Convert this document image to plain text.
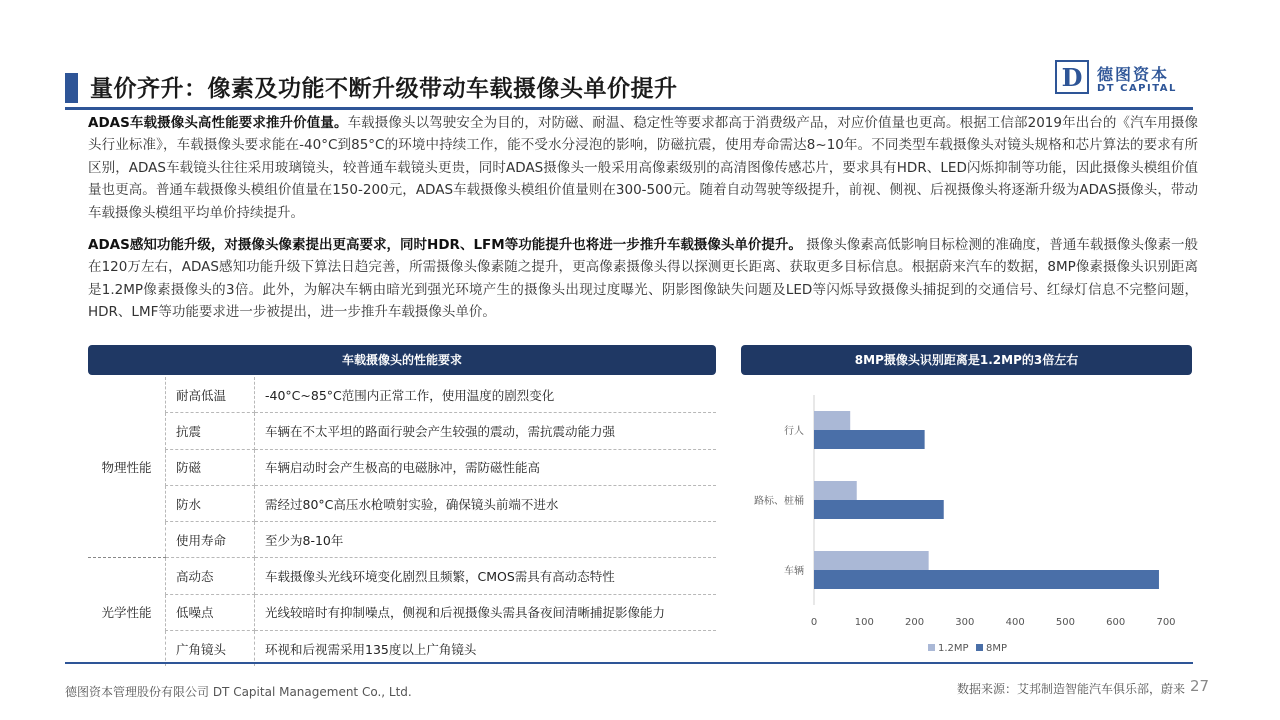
量价齐升：像素及功能不断升级带动车载摄像头单价提升	D 德图资本
DT CAPITAL
ADAS车载摄像头高性能要求推升价值量。车载摄像头以驾驶安全为目的，对防磁、耐温、稳定性等要求都高于消费级产品，对应价值量也更高。根据工信部2019年出台的《汽车用摄像头行业标准》，车载摄像头要求能在-40°C到85°C的环境中持续工作，能不受水分浸泡的影响，防磁抗震，使用寿命需达8~10年。不同类型车载摄像头对镜头规格和芯片算法的要求有所区别，ADAS车载镜头往往采用玻璃镜头，较普通车载镜头更贵，同时ADAS摄像头一般采用高像素级别的高清图像传感芯片，要求具有HDR、LED闪烁抑制等功能，因此摄像头模组价值量也更高。普通车载摄像头模组价值量在150-200元，ADAS车载摄像头模组价值量则在300-500元。随着自动驾驶等级提升，前视、侧视、后视摄像头将逐渐升级为ADAS摄像头，带动车载摄像头模组平均单价持续提升。
ADAS感知功能升级，对摄像头像素提出更高要求，同时HDR、LFM等功能提升也将进一步推升车载摄像头单价提升。 摄像头像素高低影响目标检测的准确度，普通车载摄像头像素一般在120万左右，ADAS感知功能升级下算法日趋完善，所需摄像头像素随之提升，更高像素摄像头得以探测更长距离、获取更多目标信息。根据蔚来汽车的数据，8MP像素摄像头识别距离是1.2MP像素摄像头的3倍。此外，为解决车辆由暗光到强光环境产生的摄像头出现过度曝光、阴影图像缺失问题及LED等闪烁导致摄像头捕捉到的交通信号、红绿灯信息不完整问题，HDR、LMF等功能要求进一步被提出，进一步推升车载摄像头单价。
车载摄像头的性能要求
物理性能	耐高低温	-40°C~85°C范围内正常工作，使用温度的剧烈变化
	抗震	车辆在不太平坦的路面行驶会产生较强的震动，需抗震动能力强
	防磁	车辆启动时会产生极高的电磁脉冲，需防磁性能高
	防水	需经过80°C高压水枪喷射实验，确保镜头前端不进水
	使用寿命	至少为8-10年
光学性能	高动态	车载摄像头光线环境变化剧烈且频繁，CMOS需具有高动态特性
	低噪点	光线较暗时有抑制噪点，侧视和后视摄像头需具备夜间清晰捕捉影像能力
	广角镜头	环视和后视需采用135度以上广角镜头
8MP摄像头识别距离是1.2MP的3倍左右
行人
路标、桩桶
车辆
0	100	200	300	400	500	600	700
1.2MP 8MP
德图资本管理股份有限公司 DT Capital Management Co., Ltd.	数据来源：艾邦制造智能汽车俱乐部，蔚来 27
